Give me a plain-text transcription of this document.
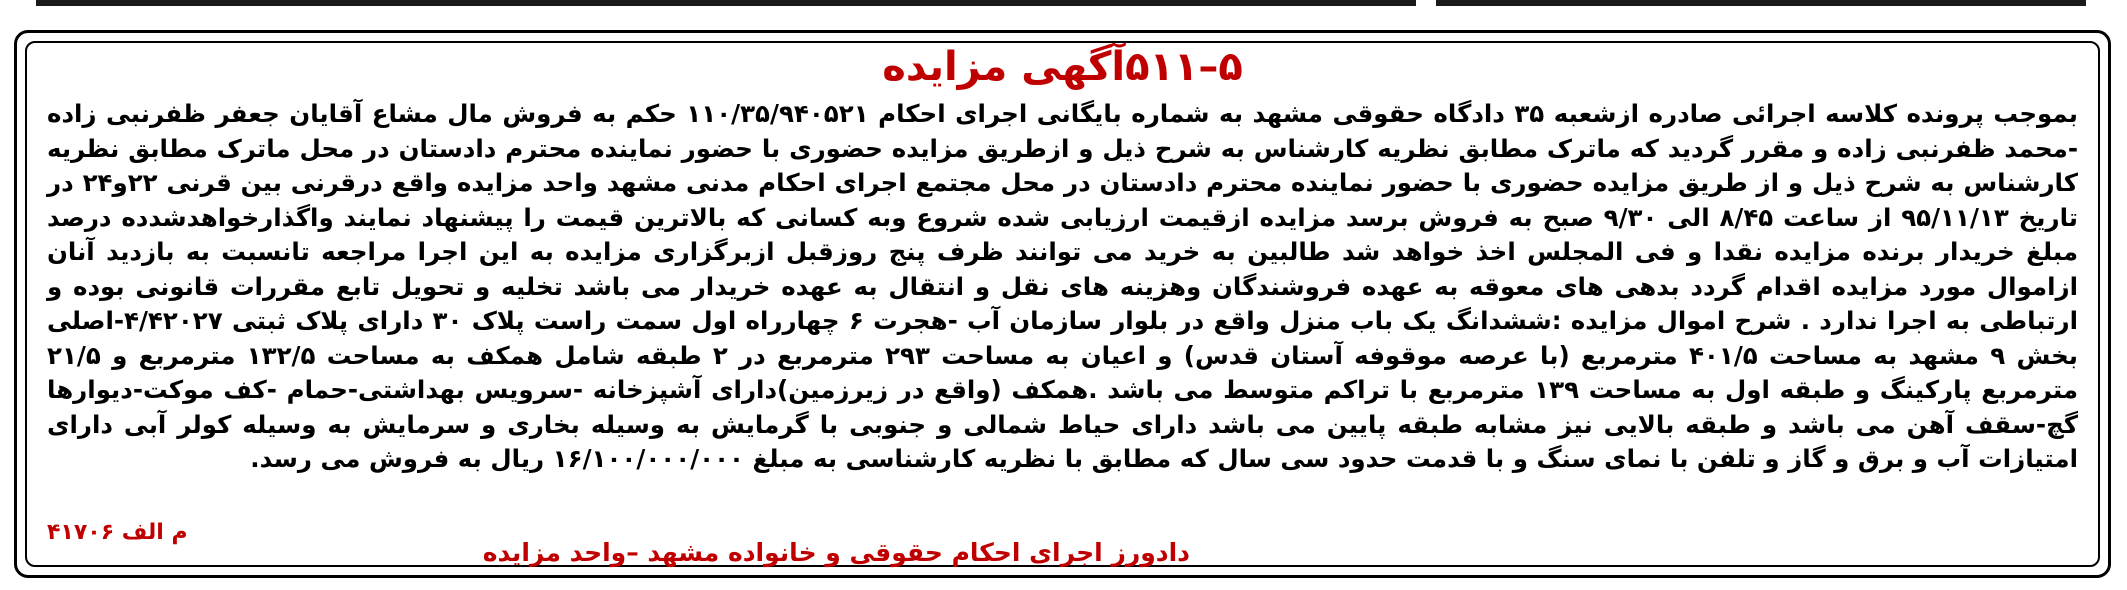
۵–۵۱۱آگهی مزایده
بموجب پرونده کلاسه اجرائی صادره ازشعبه ۳۵ دادگاه حقوقی مشهد به شماره بایگانی اجرای احکام ۱۱۰/۳۵/۹۴۰۵۲۱ حکم به فروش مال مشاع آقایان جعفر ظفرنبی زاده -محمد ظفرنبی زاده و مقرر گردید که ماترک مطابق نظریه کارشناس به شرح ذیل و ازطریق مزایده حضوری با حضور نماینده محترم دادستان در محل ماترک مطابق نظریه کارشناس به شرح ذیل و از طریق مزایده حضوری با حضور نماینده محترم دادستان در محل مجتمع اجرای احکام مدنی مشهد واحد مزایده واقع درقرنی بین قرنی ۲۲و۲۴ در تاریخ ۹۵/۱۱/۱۳ از ساعت ۸/۴۵ الی ۹/۳۰ صبح به فروش برسد مزایده ازقیمت ارزیابی شده شروع وبه کسانی که بالاترین قیمت را پیشنهاد نمایند واگذارخواهدشدده درصد مبلغ خریدار برنده مزایده نقدا و فی المجلس اخذ خواهد شد طالبین به خرید می توانند ظرف پنج روزقبل ازبرگزاری مزایده به این اجرا مراجعه تانسبت به بازدید آنان ازاموال مورد مزایده اقدام گردد بدهی های معوقه به عهده فروشندگان وهزینه های نقل و انتقال به عهده خریدار می باشد تخلیه و تحویل تابع مقررات قانونی بوده و ارتباطی به اجرا ندارد . شرح اموال مزایده :ششدانگ یک باب منزل واقع در بلوار سازمان آب -هجرت ۶ چهارراه اول سمت راست پلاک ۳۰ دارای پلاک ثبتی ۴/۴۲۰۲۷-اصلی بخش ۹ مشهد به مساحت ۴۰۱/۵ مترمربع (با عرصه موقوفه آستان قدس) و اعیان به مساحت ۲۹۳ مترمربع در ۲ طبقه شامل همکف به مساحت ۱۳۲/۵ مترمربع و ۲۱/۵ مترمربع پارکینگ و طبقه اول به مساحت ۱۳۹ مترمربع با تراکم متوسط می باشد .همکف (واقع در زیرزمین)دارای آشپزخانه -سرویس بهداشتی-حمام -کف موکت-دیوارها گچ-سقف آهن می باشد و طبقه بالایی نیز مشابه طبقه پایین می باشد دارای حیاط شمالی و جنوبی با گرمایش به وسیله بخاری و سرمایش به وسیله کولر آبی دارای امتیازات آب و برق و گاز و تلفن با نمای سنگ و با قدمت حدود سی سال که مطابق با نظریه کارشناسی به مبلغ ۱۶/۱۰۰/۰۰۰/۰۰۰ ریال به فروش می رسد.
م الف ۴۱۷۰۶
دادورز اجرای احکام حقوقی و خانواده مشهد –واحد مزایده
